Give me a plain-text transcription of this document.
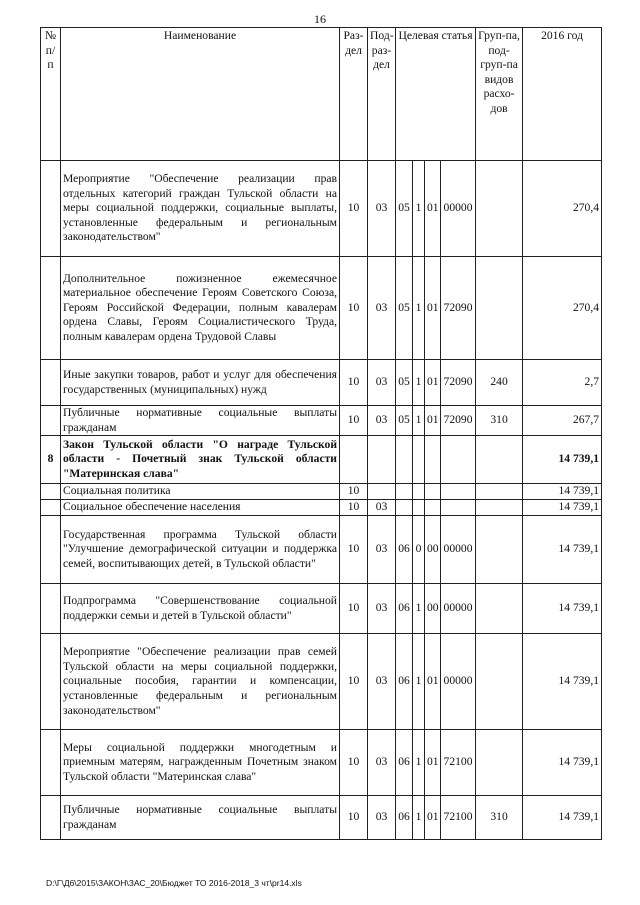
16
№ п/п	Наименование	Раз-дел	Под-раз-дел	Целевая статья				Груп-па, под-груп-па видов расхо-дов	2016 год
	Мероприятие "Обеспечение реализации прав отдельных категорий граждан Тульской области на меры социальной поддержки, социальные выплаты, установленные федеральным и региональным законодательством"	10	03	05	1	01	00000		270,4
	Дополнительное пожизненное ежемесячное материальное обеспечение Героям Советского Союза, Героям Российской Федерации, полным кавалерам ордена Славы, Героям Социалистического Труда, полным кавалерам ордена Трудовой Славы	10	03	05	1	01	72090		270,4
	Иные закупки товаров, работ и услуг для обеспечения государственных (муниципальных) нужд	10	03	05	1	01	72090	240	2,7
	Публичные нормативные социальные выплаты гражданам	10	03	05	1	01	72090	310	267,7
8	Закон Тульской области "О награде Тульской области - Почетный знак Тульской области "Материнская слава"								14 739,1
	Социальная политика	10							14 739,1
	Социальное обеспечение населения	10	03						14 739,1
	Государственная программа Тульской области "Улучшение демографической ситуации и поддержка семей, воспитывающих детей, в Тульской области"	10	03	06	0	00	00000		14 739,1
	Подпрограмма "Совершенствование социальной поддержки семьи и детей в Тульской области"	10	03	06	1	00	00000		14 739,1
	Мероприятие "Обеспечение реализации прав семей Тульской области на меры социальной поддержки, социальные пособия, гарантии и компенсации, установленные федеральным и региональным законодательством"	10	03	06	1	01	00000		14 739,1
	Меры социальной поддержки многодетным и приемным матерям, награжденным Почетным знаком Тульской области "Материнская слава"	10	03	06	1	01	72100		14 739,1
	Публичные нормативные социальные выплаты гражданам	10	03	06	1	01	72100	310	14 739,1
D:\Г\Д6\2015\ЗАКОН\ЗАС_20\Бюджет ТО 2016-2018_3 чт\pr14.xls
